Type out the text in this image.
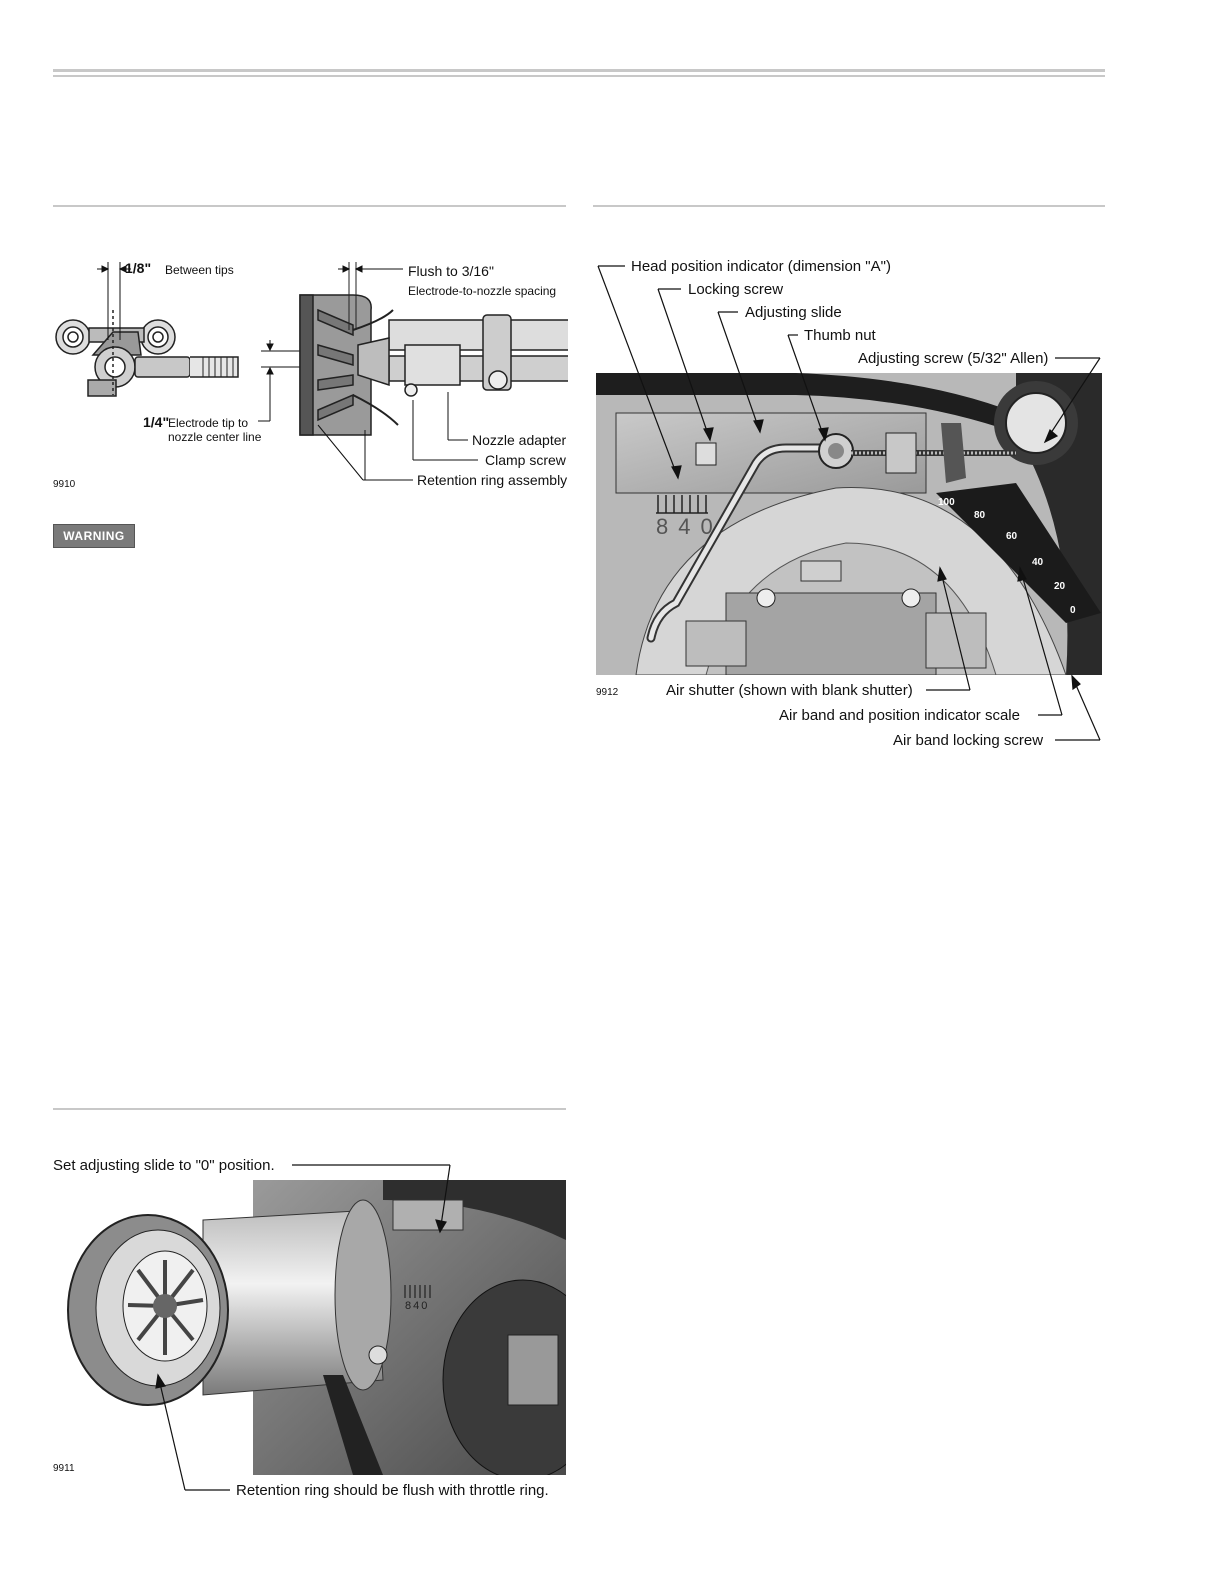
1/8" Between tips	Flush to 3/16"
Electrode-to-nozzle spacing
1/4"
Electrode tip to
nozzle center line	Nozzle adapter
Clamp screw
Retention ring assembly
9910
WARNING
Set adjusting slide to "0" position.
840
9911
Retention ring should be flush with throttle ring.
840
100
80
60
40
20
0
Head position indicator (dimension "A")
Locking screw
Adjusting slide
Thumb nut
Adjusting screw (5/32" Allen)
9912	Air shutter (shown with blank shutter)
Air band and position indicator scale
Air band locking screw
